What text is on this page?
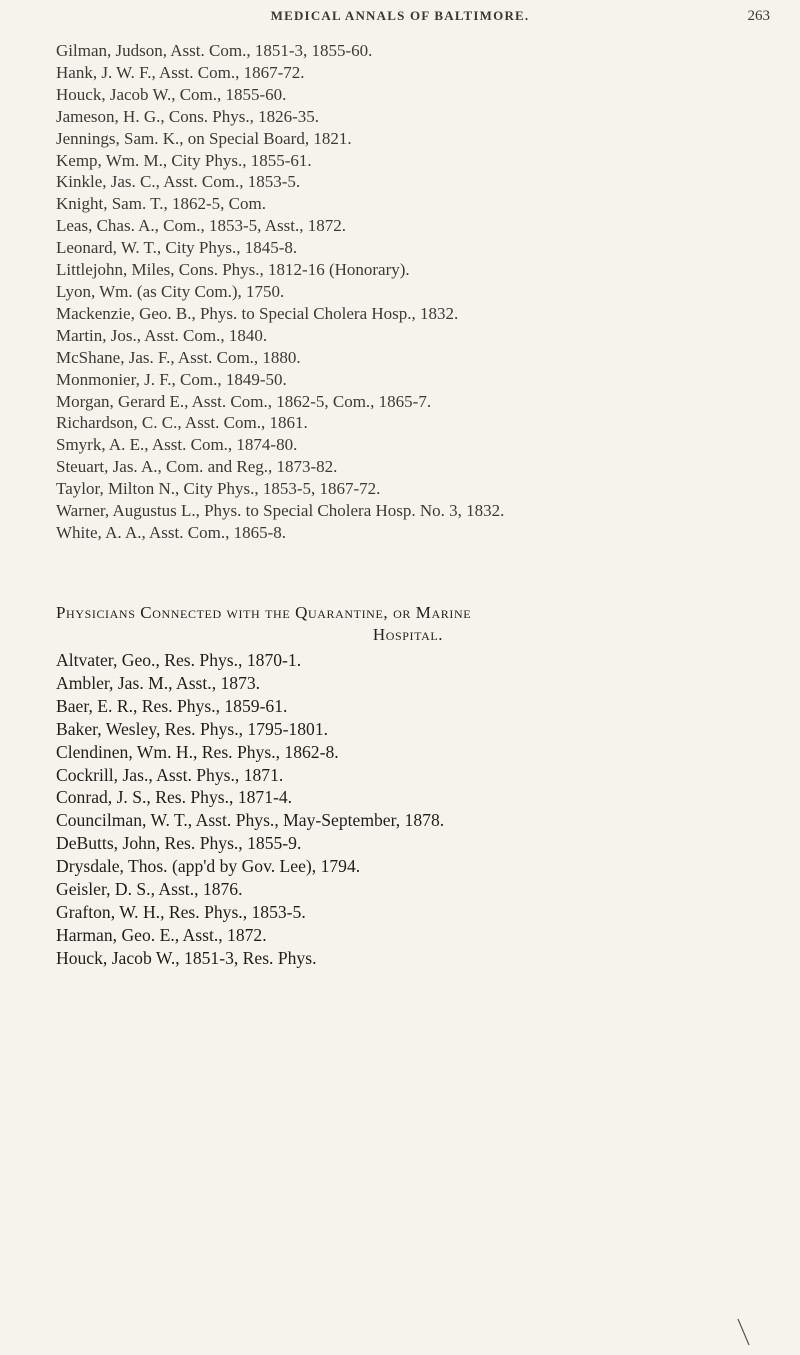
MEDICAL ANNALS OF BALTIMORE.	263

Gilman, Judson, Asst. Com., 1851-3, 1855-60.

Hank, J. W. F., Asst. Com., 1867-72.

Houck, Jacob W., Com., 1855-60.

Jameson, H. G., Cons. Phys., 1826-35.

Jennings, Sam. K., on Special Board, 1821.

Kemp, Wm. M., City Phys., 1855-61.

Kinkle, Jas. C., Asst. Com., 1853-5.

Knight, Sam. T., 1862-5, Com.

Leas, Chas. A., Com., 1853-5, Asst., 1872.

Leonard, W. T., City Phys., 1845-8.

Littlejohn, Miles, Cons. Phys., 1812-16 (Honorary).

Lyon, Wm. (as City Com.), 1750.

Mackenzie, Geo. B., Phys. to Special Cholera Hosp., 1832.

Martin, Jos., Asst. Com., 1840.

McShane, Jas. F., Asst. Com., 1880.

Monmonier, J. F., Com., 1849-50.

Morgan, Gerard E., Asst. Com., 1862-5, Com., 1865-7.

Richardson, C. C., Asst. Com., 1861.

Smyrk, A. E., Asst. Com., 1874-80.

Steuart, Jas. A., Com. and Reg., 1873-82.

Taylor, Milton N., City Phys., 1853-5, 1867-72.

Warner, Augustus L., Phys. to Special Cholera Hosp. No. 3, 1832.

White, A. A., Asst. Com., 1865-8.

Physicians Connected with the Quarantine, or Marine
Hospital.

Altvater, Geo., Res. Phys., 1870-1.

Ambler, Jas. M., Asst., 1873.

Baer, E. R., Res. Phys., 1859-61.

Baker, Wesley, Res. Phys., 1795-1801.

Clendinen, Wm. H., Res. Phys., 1862-8.

Cockrill, Jas., Asst. Phys., 1871.

Conrad, J. S., Res. Phys., 1871-4.

Councilman, W. T., Asst. Phys., May-September, 1878.

DeButts, John, Res. Phys., 1855-9.

Drysdale, Thos. (app'd by Gov. Lee), 1794.

Geisler, D. S., Asst., 1876.

Grafton, W. H., Res. Phys., 1853-5.

Harman, Geo. E., Asst., 1872.

Houck, Jacob W., 1851-3, Res. Phys.
